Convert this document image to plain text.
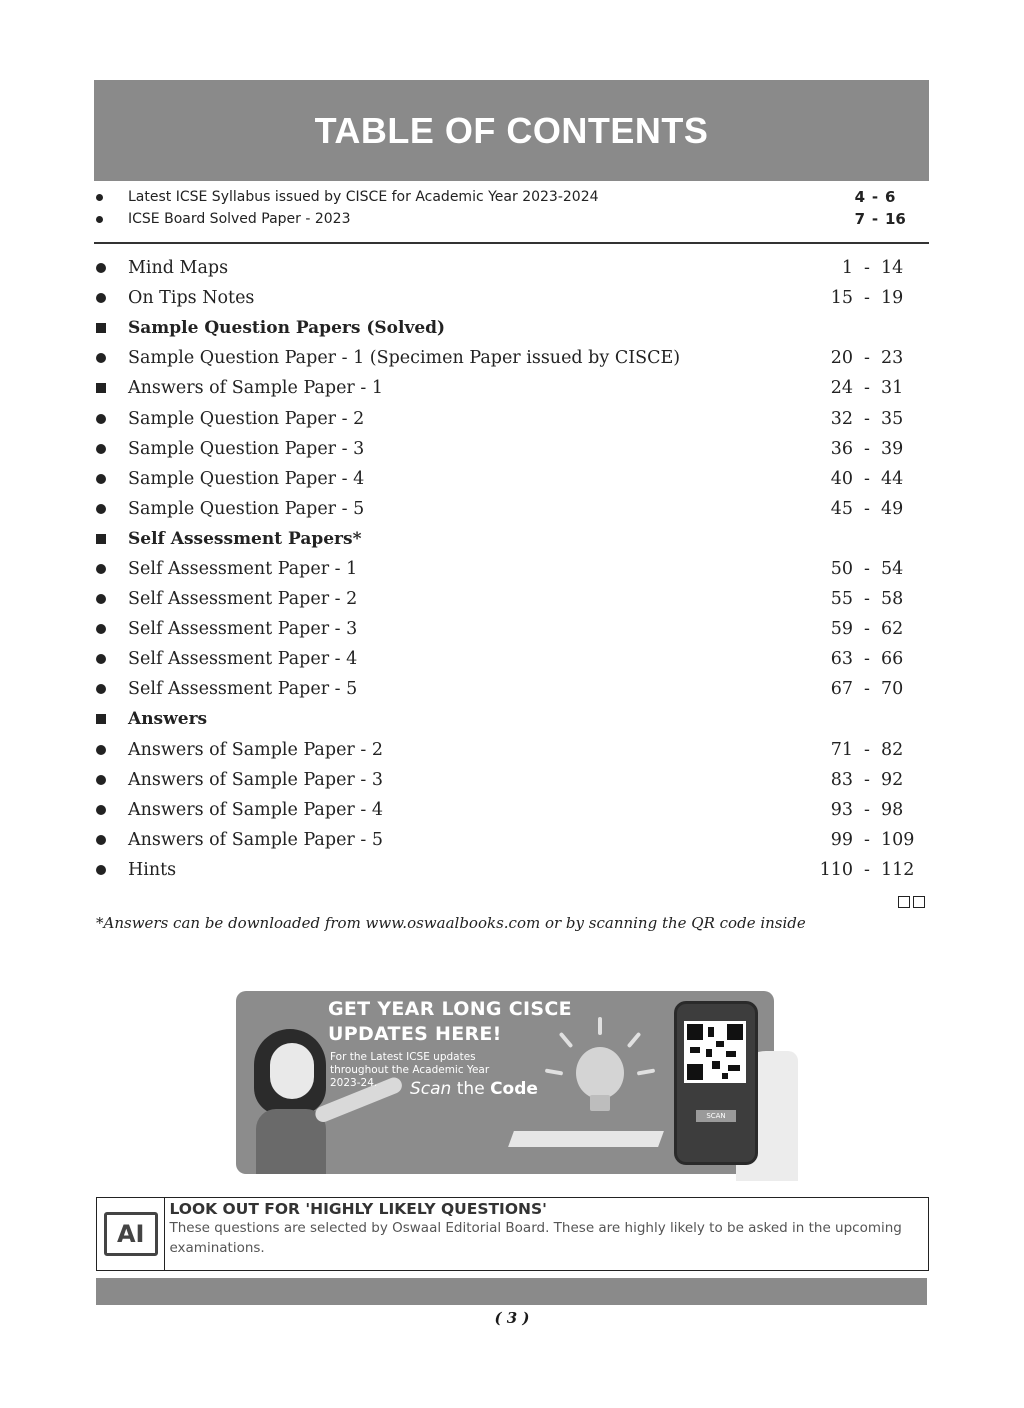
TABLE OF CONTENTS
Latest ICSE Syllabus issued by CISCE for Academic Year 2023-2024	4 - 6
ICSE Board Solved Paper - 2023	7 - 16
Mind Maps	1 - 14
On Tips Notes	15 - 19
Sample Question Papers (Solved)
Sample Question Paper - 1 (Specimen Paper issued by CISCE)	20 - 23
Answers of Sample Paper - 1	24 - 31
Sample Question Paper - 2	32 - 35
Sample Question Paper - 3	36 - 39
Sample Question Paper - 4	40 - 44
Sample Question Paper - 5	45 - 49
Self Assessment Papers*
Self Assessment Paper - 1	50 - 54
Self Assessment Paper - 2	55 - 58
Self Assessment Paper - 3	59 - 62
Self Assessment Paper - 4	63 - 66
Self Assessment Paper - 5	67 - 70
Answers
Answers of Sample Paper - 2	71 - 82
Answers of Sample Paper - 3	83 - 92
Answers of Sample Paper - 4	93 - 98
Answers of Sample Paper - 5	99 - 109
Hints	110 - 112
*Answers can be downloaded from www.oswaalbooks.com or by scanning the QR code inside
GET YEAR LONG CISCE
UPDATES HERE!
For the Latest ICSE updates throughout the Academic Year 2023-24.	Scan the Code
SCAN
AI
LOOK OUT FOR 'HIGHLY LIKELY QUESTIONS'
These questions are selected by Oswaal Editorial Board. These are highly likely to be asked in the upcoming examinations.
( 3 )
